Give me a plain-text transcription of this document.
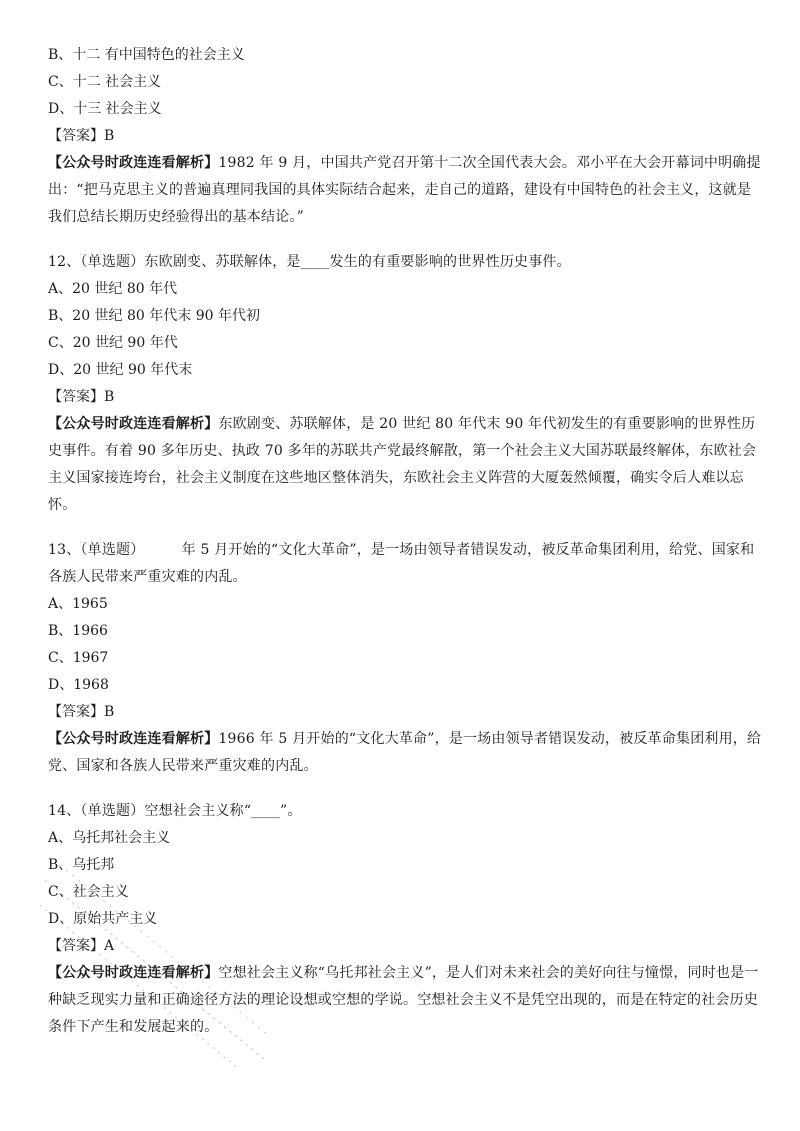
B、十二 有中国特色的社会主义
C、十二 社会主义
D、十三 社会主义
【答案】B
【公众号时政连连看解析】1982 年 9 月，中国共产党召开第十二次全国代表大会。邓小平在大会开幕词中明确提出：“把马克思主义的普遍真理同我国的具体实际结合起来，走自己的道路，建设有中国特色的社会主义，这就是我们总结长期历史经验得出的基本结论。”
12、（单选题）东欧剧变、苏联解体，是____发生的有重要影响的世界性历史事件。
A、20 世纪 80 年代
B、20 世纪 80 年代末 90 年代初
C、20 世纪 90 年代
D、20 世纪 90 年代末
【答案】B
【公众号时政连连看解析】东欧剧变、苏联解体，是 20 世纪 80 年代末 90 年代初发生的有重要影响的世界性历史事件。有着 90 多年历史、执政 70 多年的苏联共产党最终解散，第一个社会主义大国苏联最终解体，东欧社会主义国家接连垮台，社会主义制度在这些地区整体消失，东欧社会主义阵营的大厦轰然倾覆，确实令后人难以忘怀。
13、（单选题）        年 5 月开始的“文化大革命”，是一场由领导者错误发动，被反革命集团利用，给党、国家和各族人民带来严重灾难的内乱。
A、1965
B、1966
C、1967
D、1968
【答案】B
【公众号时政连连看解析】1966 年 5 月开始的“文化大革命”，是一场由领导者错误发动，被反革命集团利用，给党、国家和各族人民带来严重灾难的内乱。
14、（单选题）空想社会主义称“____”。
A、乌托邦社会主义
B、乌托邦
C、社会主义
D、原始共产主义
【答案】A
【公众号时政连连看解析】空想社会主义称“乌托邦社会主义”，是人们对未来社会的美好向往与憧憬，同时也是一种缺乏现实力量和正确途径方法的理论设想或空想的学说。空想社会主义不是凭空出现的，而是在特定的社会历史条件下产生和发展起来的。
